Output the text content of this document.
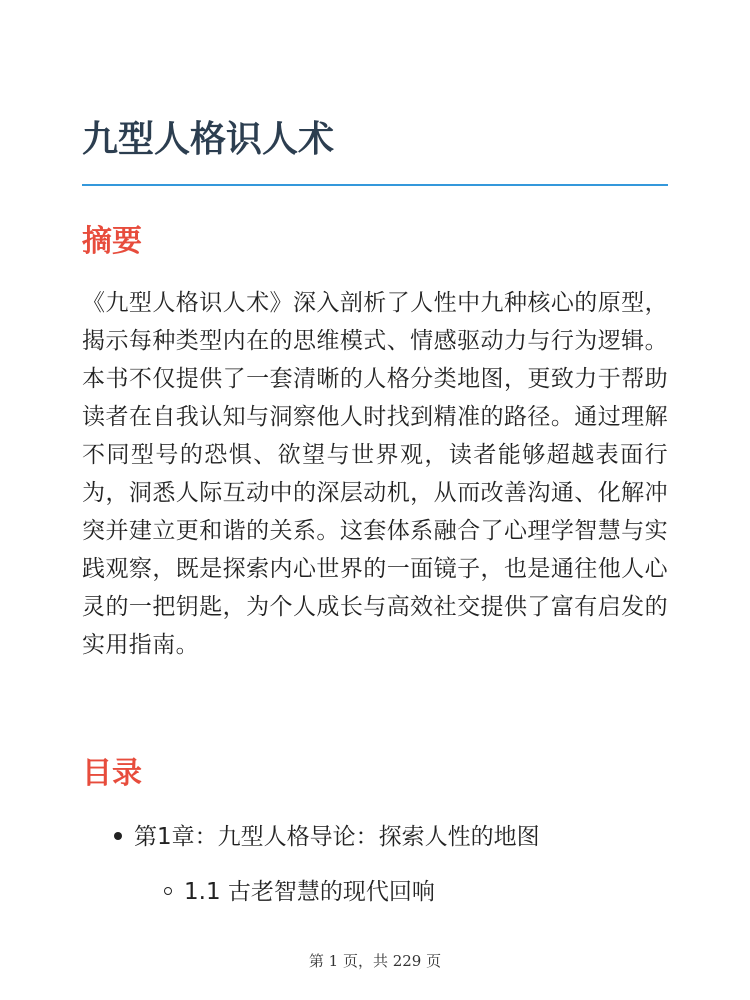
九型人格识人术
摘要

《九型人格识人术》深入剖析了人性中九种核心的原型，揭示每种类型内在的思维模式、情感驱动力与行为逻辑。本书不仅提供了一套清晰的人格分类地图，更致力于帮助读者在自我认知与洞察他人时找到精准的路径。通过理解不同型号的恐惧、欲望与世界观，读者能够超越表面行为，洞悉人际互动中的深层动机，从而改善沟通、化解冲突并建立更和谐的关系。这套体系融合了心理学智慧与实践观察，既是探索内心世界的一面镜子，也是通往他人心灵的一把钥匙，为个人成长与高效社交提供了富有启发的实用指南。

目录
第1章：九型人格导论：探索人性的地图
1.1 古老智慧的现代回响
第 1 页，共 229 页
